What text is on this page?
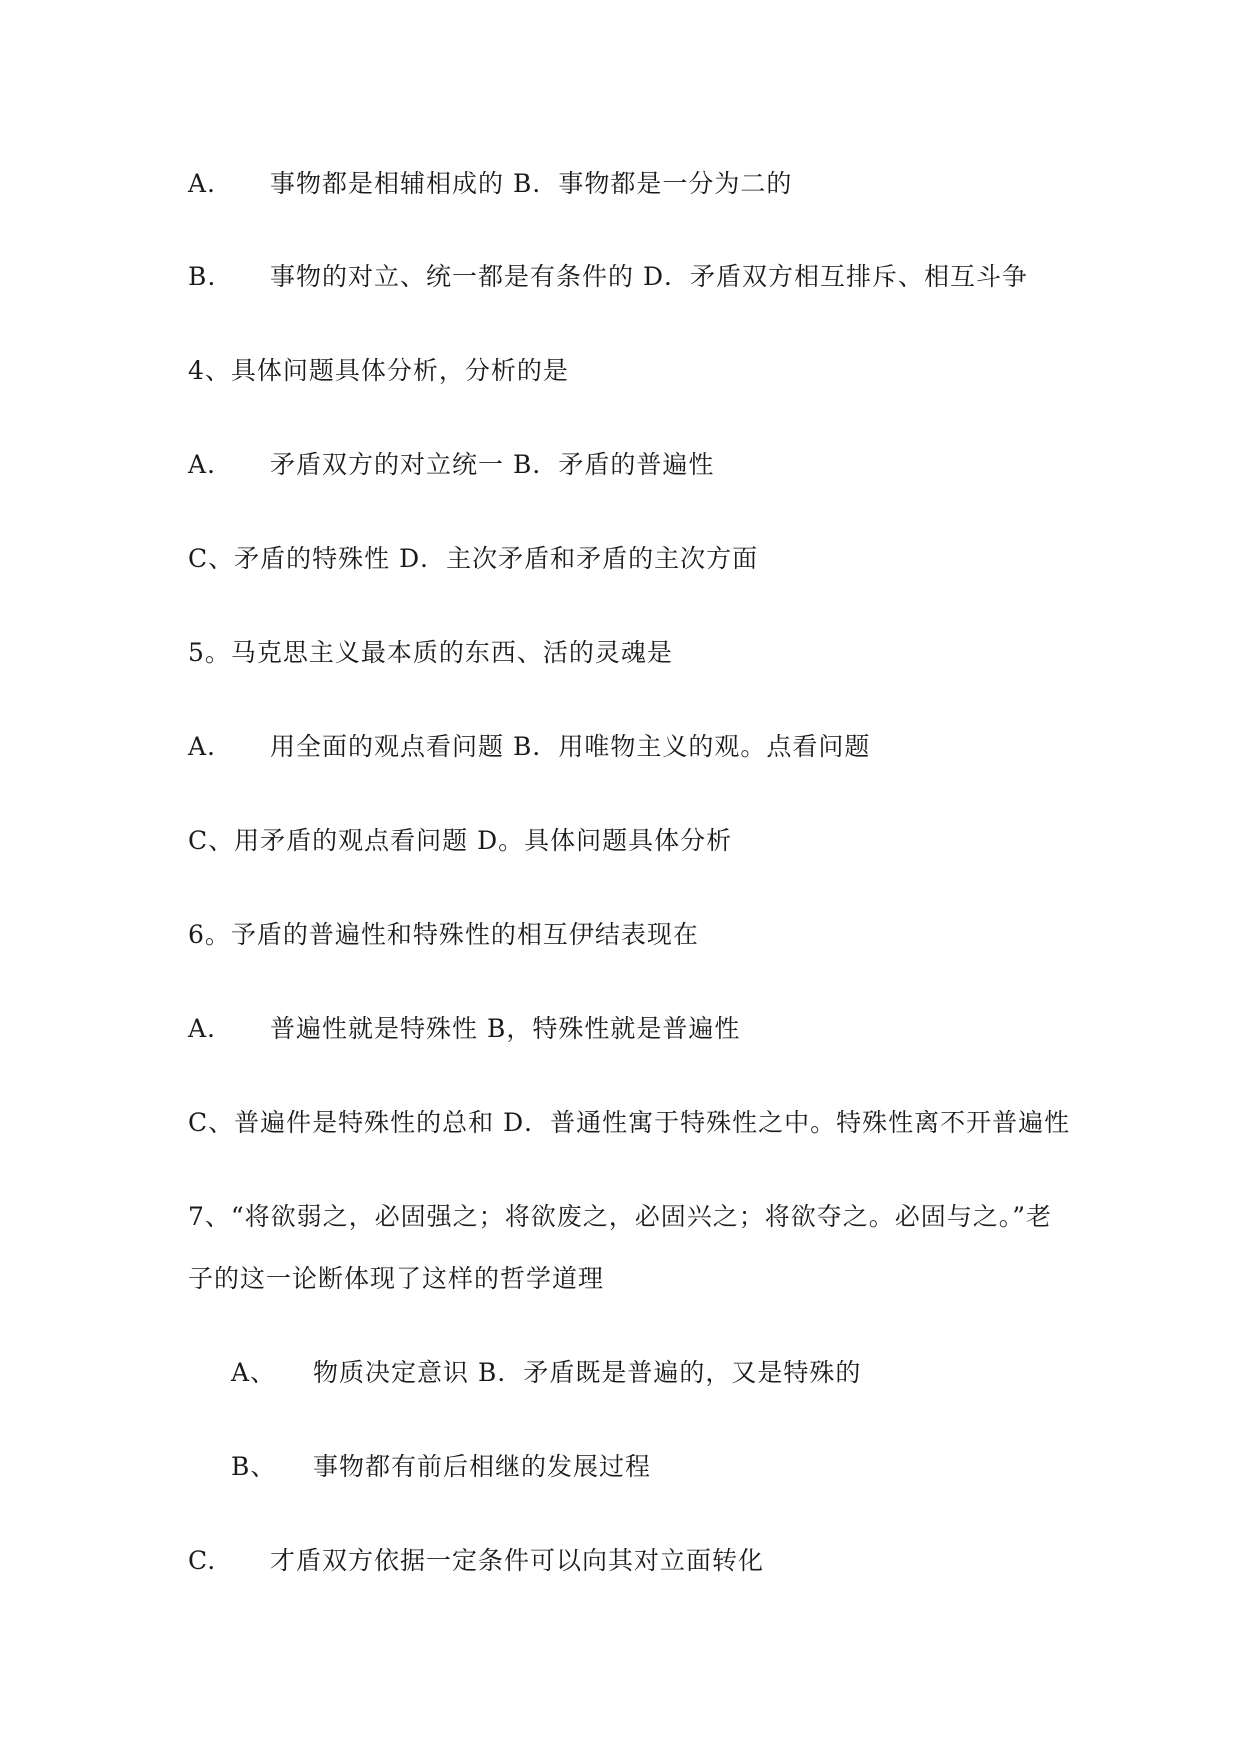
A. 事物都是相辅相成的 B．事物都是一分为二的
B. 事物的对立、统一都是有条件的 D．矛盾双方相互排斥、相互斗争
4、具体问题具体分析，分析的是
A. 矛盾双方的对立统一 B．矛盾的普遍性
C、矛盾的特殊性 D．主次矛盾和矛盾的主次方面
5。马克思主义最本质的东西、活的灵魂是
A. 用全面的观点看问题 B．用唯物主义的观。点看问题
C、用矛盾的观点看问题 D。具体问题具体分析
6。予盾的普遍性和特殊性的相互伊结表现在
A. 普遍性就是特殊性 B，特殊性就是普遍性
C、普遍件是特殊性的总和 D．普通性寓于特殊性之中。特殊性离不开普遍性
7、“将欲弱之，必固强之；将欲废之，必固兴之；将欲夺之。必固与之。”老
子的这一论断体现了这样的哲学道理
A、 物质决定意识 B．矛盾既是普遍的，又是特殊的
B、 事物都有前后相继的发展过程
C. 才盾双方依据一定条件可以向其对立面转化
